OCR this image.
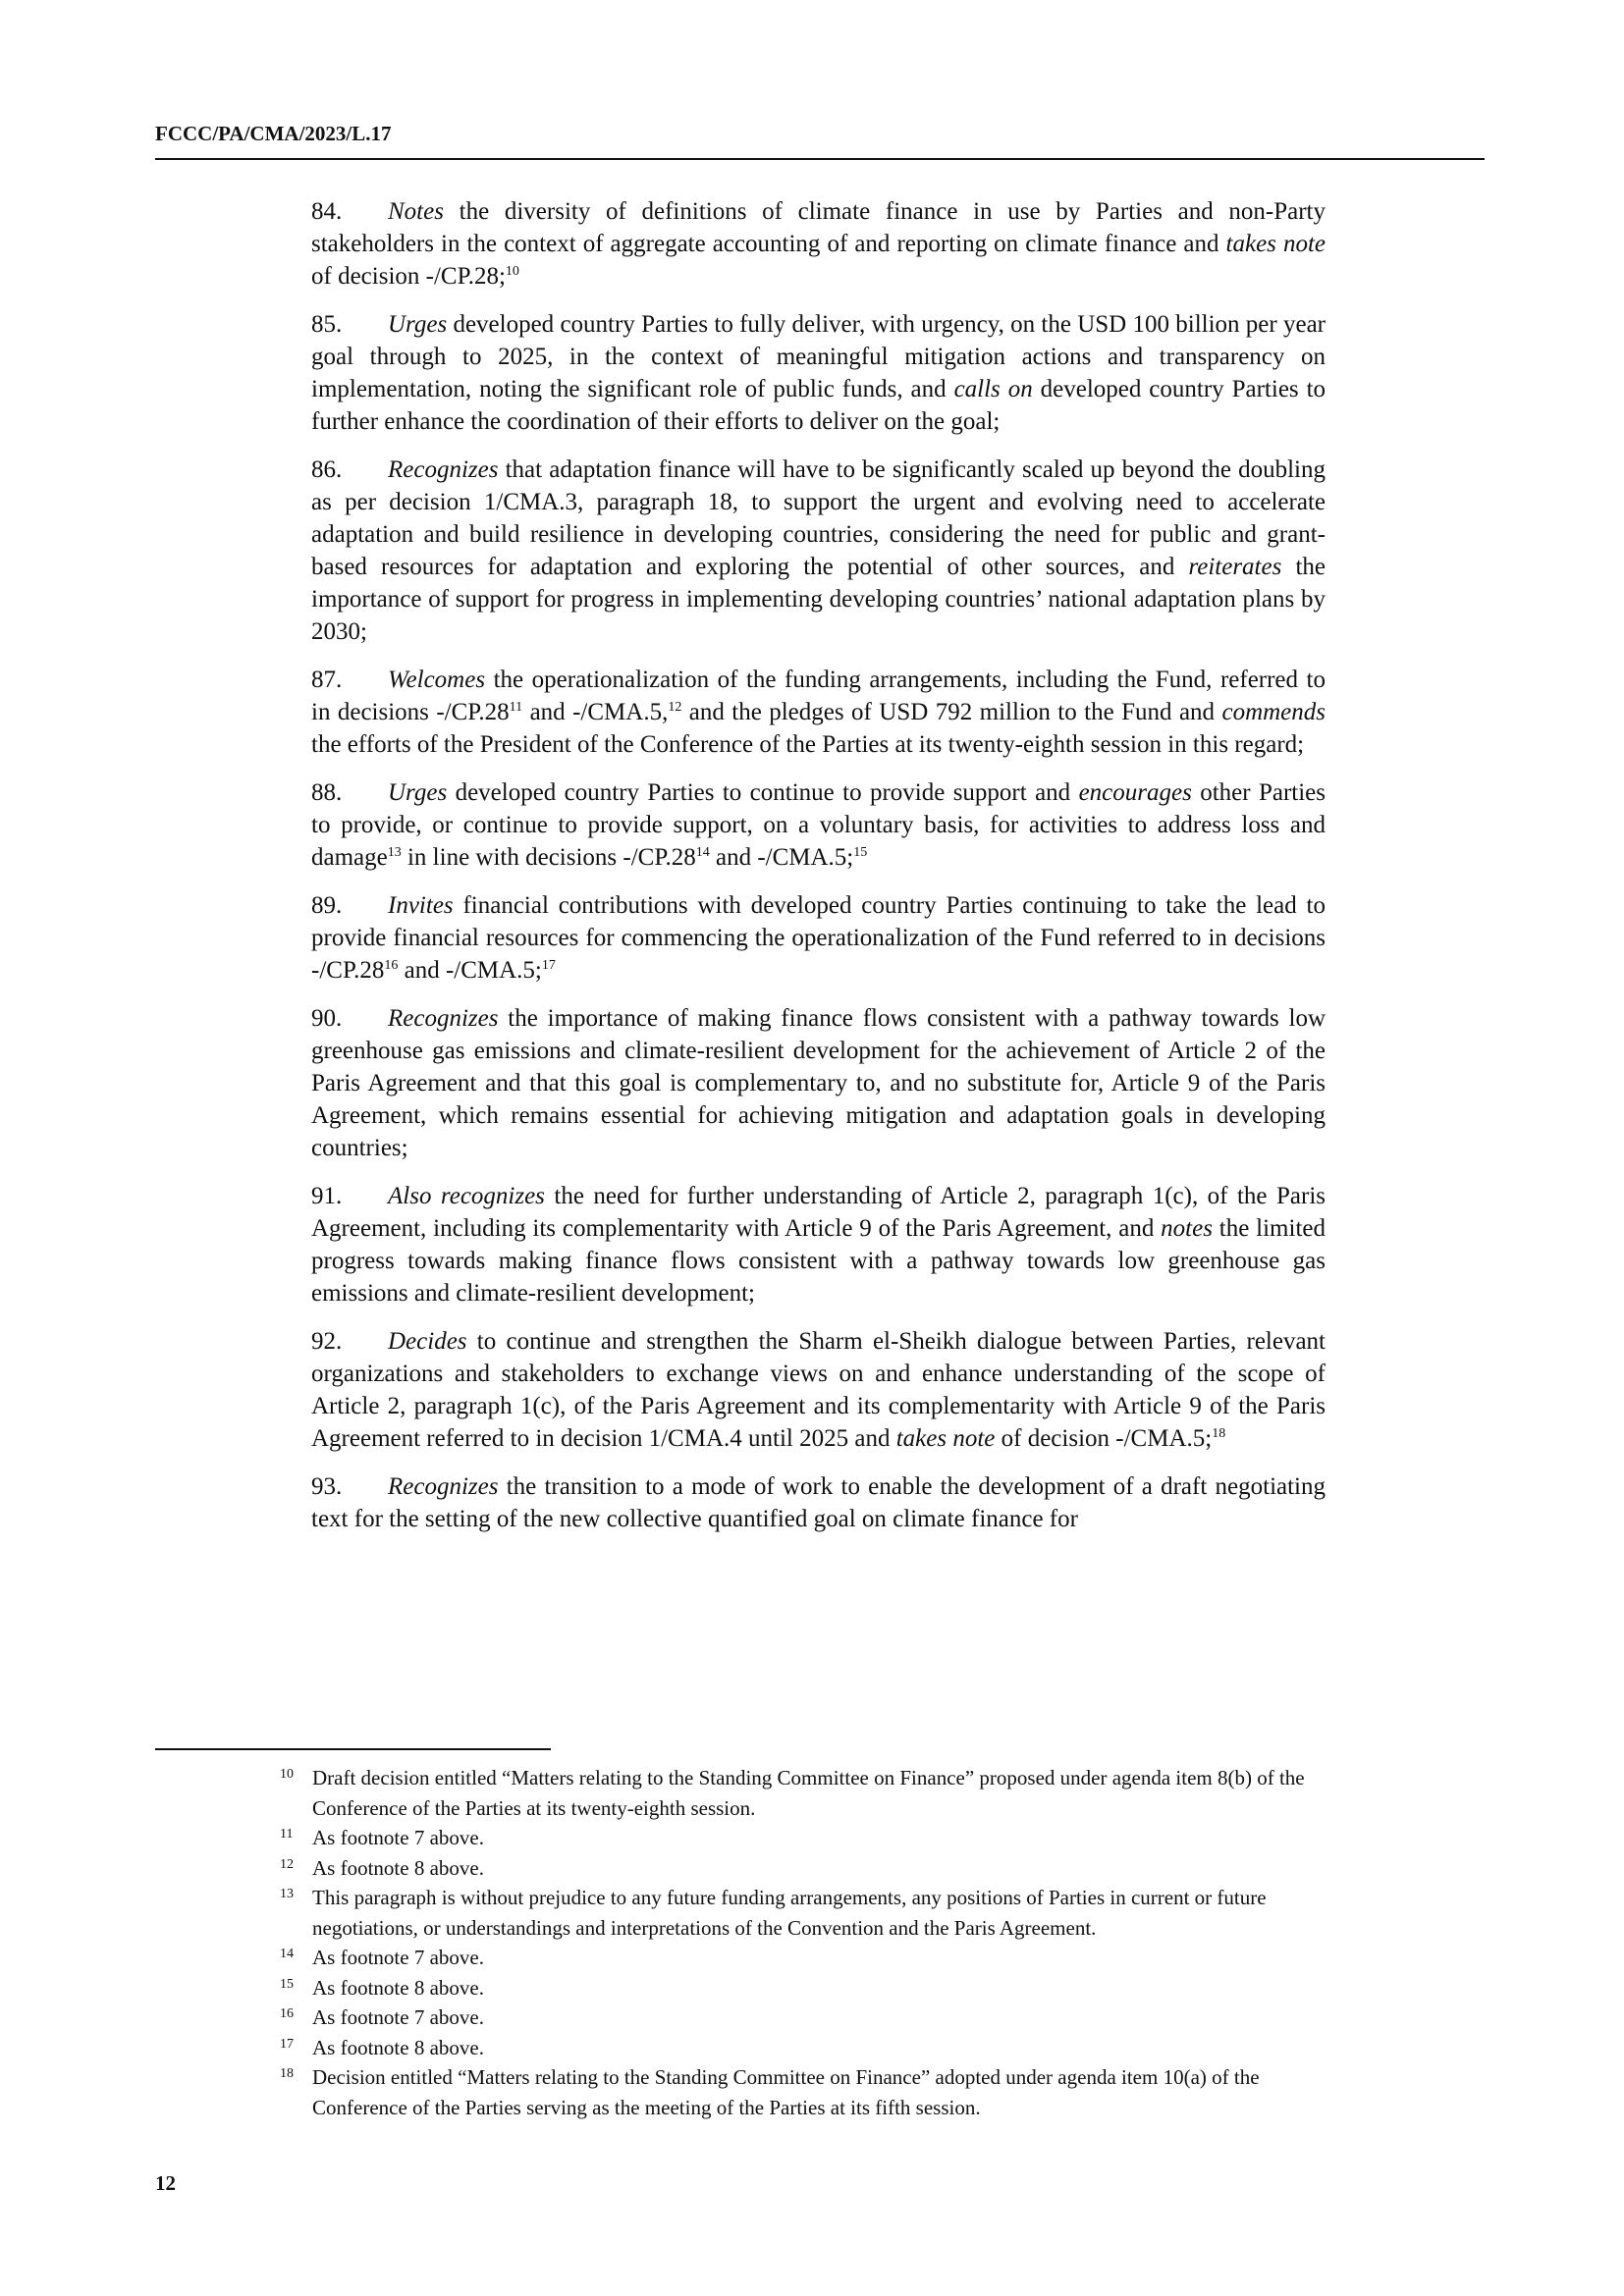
FCCC/PA/CMA/2023/L.17

84. Notes the diversity of definitions of climate finance in use by Parties and non-Party stakeholders in the context of aggregate accounting of and reporting on climate finance and takes note of decision -/CP.28;$^{10}$

85. Urges developed country Parties to fully deliver, with urgency, on the USD 100 billion per year goal through to 2025, in the context of meaningful mitigation actions and transparency on implementation, noting the significant role of public funds, and calls on developed country Parties to further enhance the coordination of their efforts to deliver on the goal;

86. Recognizes that adaptation finance will have to be significantly scaled up beyond the doubling as per decision 1/CMA.3, paragraph 18, to support the urgent and evolving need to accelerate adaptation and build resilience in developing countries, considering the need for public and grant-based resources for adaptation and exploring the potential of other sources, and reiterates the importance of support for progress in implementing developing countries’ national adaptation plans by 2030;

87. Welcomes the operationalization of the funding arrangements, including the Fund, referred to in decisions $-/CP.28^{11}$ and -/CMA.5,12 and the pledges of USD 792 million to the Fund and commends the efforts of the President of the Conference of the Parties at its twenty-eighth session in this regard;

88. Urges developed country Parties to continue to provide support and encourages other Parties to provide, or continue to provide support, on a voluntary basis, for activities to address loss and damage$^{13}$ in line with decisions $-/CP.28^{14}$ and -/CMA.5;$^{15}$

89. Invites financial contributions with developed country Parties continuing to take the lead to provide financial resources for commencing the operationalization of the Fund referred to in decisions $-/CP.28^{16}$ and -/CMA.5;$^{17}$

90. Recognizes the importance of making finance flows consistent with a pathway towards low greenhouse gas emissions and climate-resilient development for the achievement of Article 2 of the Paris Agreement and that this goal is complementary to, and no substitute for, Article 9 of the Paris Agreement, which remains essential for achieving mitigation and adaptation goals in developing countries;

91. Also recognizes the need for further understanding of Article 2, paragraph 1(c), of the Paris Agreement, including its complementarity with Article 9 of the Paris Agreement, and notes the limited progress towards making finance flows consistent with a pathway towards low greenhouse gas emissions and climate-resilient development;

92. Decides to continue and strengthen the Sharm el-Sheikh dialogue between Parties, relevant organizations and stakeholders to exchange views on and enhance understanding of the scope of Article 2, paragraph 1(c), of the Paris Agreement and its complementarity with Article 9 of the Paris Agreement referred to in decision 1/CMA.4 until 2025 and takes note of decision -/CMA.5;$^{18}$

93. Recognizes the transition to a mode of work to enable the development of a draft negotiating text for the setting of the new collective quantified goal on climate finance for

10 Draft decision entitled “Matters relating to the Standing Committee on Finance” proposed under agenda item 8(b) of the Conference of the Parties at its twenty-eighth session.

11 As footnote 7 above.

12 As footnote 8 above.

13 This paragraph is without prejudice to any future funding arrangements, any positions of Parties in current or future negotiations, or understandings and interpretations of the Convention and the Paris Agreement.

14 As footnote 7 above.

15 As footnote 8 above.

16 As footnote 7 above.

17 As footnote 8 above.

18 Decision entitled “Matters relating to the Standing Committee on Finance” adopted under agenda item 10(a) of the Conference of the Parties serving as the meeting of the Parties at its fifth session.

12
